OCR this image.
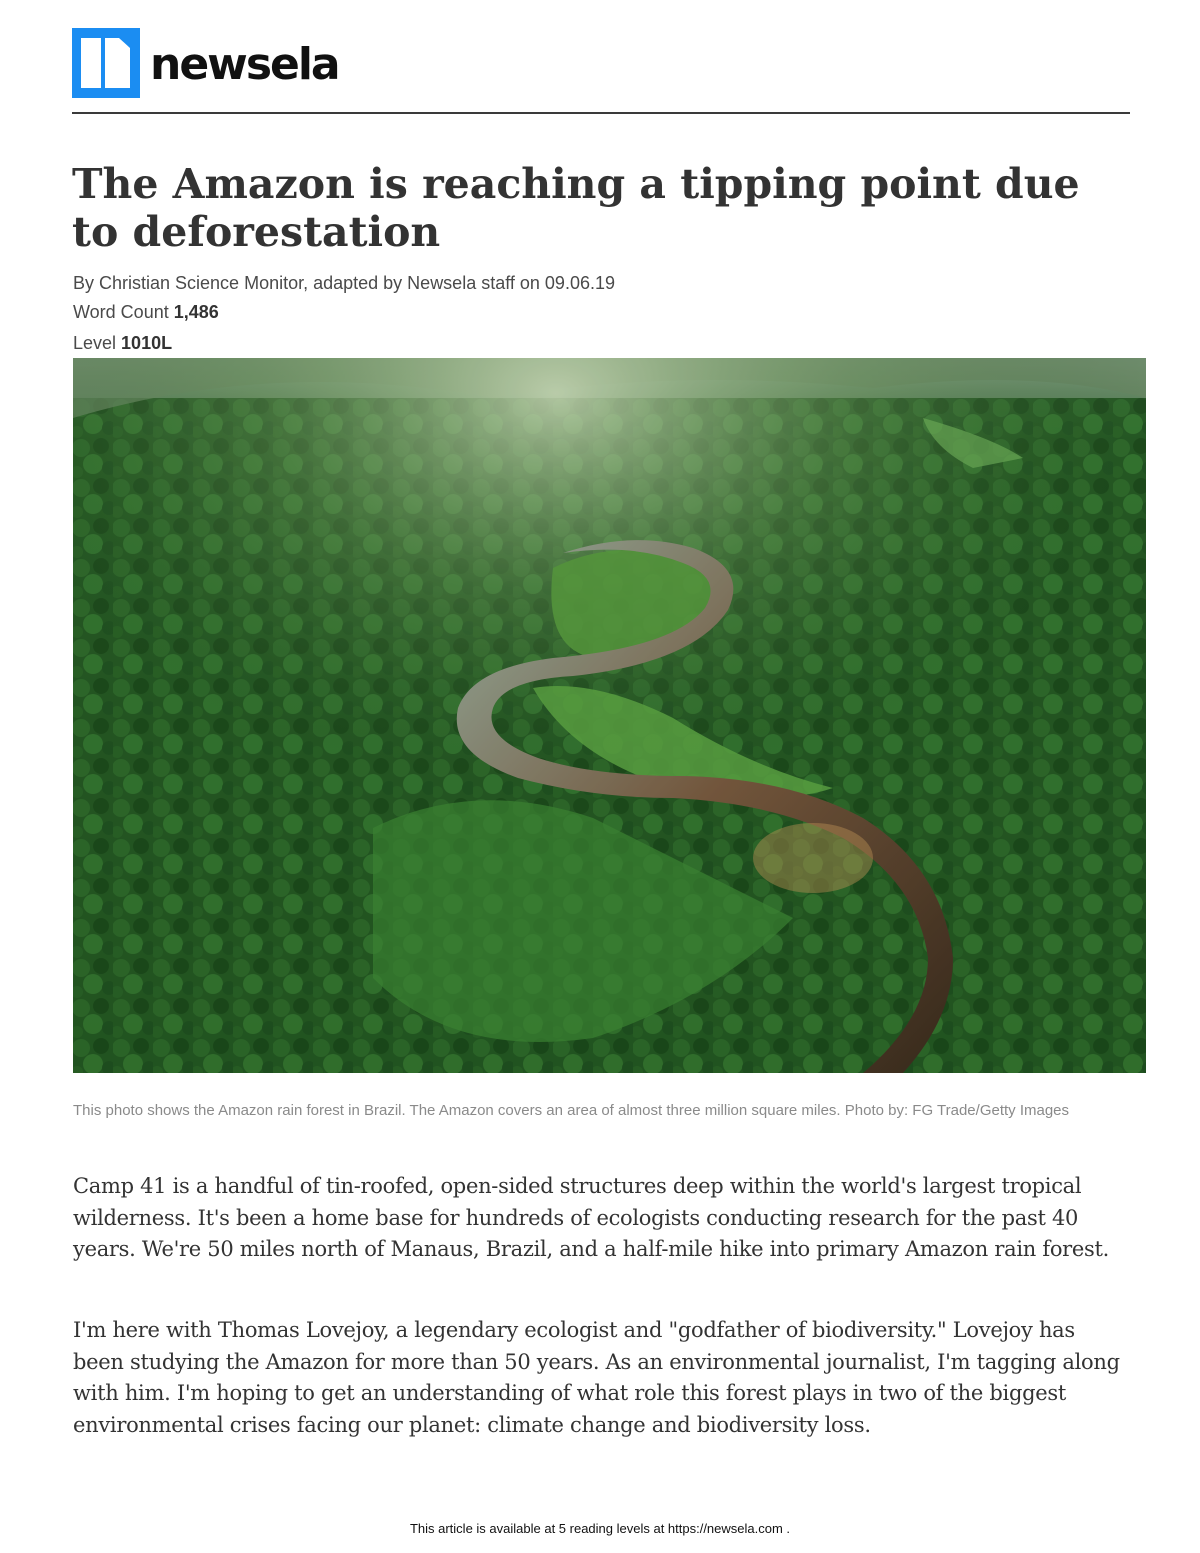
newsela
The Amazon is reaching a tipping point due to deforestation
By Christian Science Monitor, adapted by Newsela staff on 09.06.19
Word Count 1,486
Level 1010L

This photo shows the Amazon rain forest in Brazil. The Amazon covers an area of almost three million square miles. Photo by: FG Trade/Getty Images

Camp 41 is a handful of tin-roofed, open-sided structures deep within the world's largest tropical wilderness. It's been a home base for hundreds of ecologists conducting research for the past 40 years. We're 50 miles north of Manaus, Brazil, and a half-mile hike into primary Amazon rain forest.

I'm here with Thomas Lovejoy, a legendary ecologist and "godfather of biodiversity." Lovejoy has been studying the Amazon for more than 50 years. As an environmental journalist, I'm tagging along with him. I'm hoping to get an understanding of what role this forest plays in two of the biggest environmental crises facing our planet: climate change and biodiversity loss.

This article is available at 5 reading levels at https://newsela.com .
